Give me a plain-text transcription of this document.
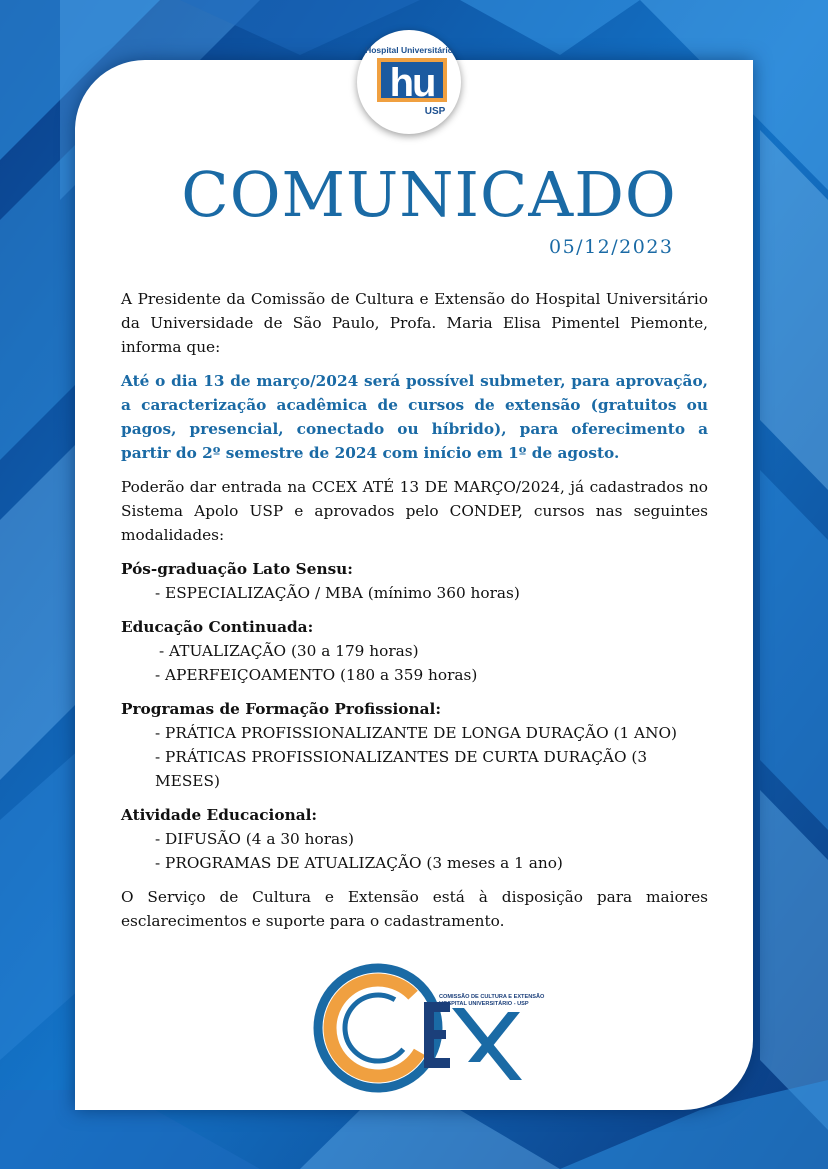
Hospital Universitário
hu
USP
COMUNICADO
05/12/2023

A Presidente da Comissão de Cultura e Extensão do Hospital Universitário da Universidade de São Paulo, Profa. Maria Elisa Pimentel Piemonte, informa que:

Até o dia 13 de março/2024 será possível submeter, para aprovação, a caracterização acadêmica de cursos de extensão (gratuitos ou pagos, presencial, conectado ou híbrido), para oferecimento a partir do 2º semestre de 2024 com início em 1º de agosto.

Poderão dar entrada na CCEX ATÉ 13 DE MARÇO/2024, já cadastrados no Sistema Apolo USP e aprovados pelo CONDEP, cursos nas seguintes modalidades:

Pós-graduação Lato Sensu:
- ESPECIALIZAÇÃO / MBA (mínimo 360 horas)
Educação Continuada:
- ATUALIZAÇÃO (30 a 179 horas)
- APERFEIÇOAMENTO (180 a 359 horas)
Programas de Formação Profissional:
- PRÁTICA PROFISSIONALIZANTE DE LONGA DURAÇÃO (1 ANO)
- PRÁTICAS PROFISSIONALIZANTES DE CURTA DURAÇÃO (3 MESES)
Atividade Educacional:
- DIFUSÃO (4 a 30 horas)
- PROGRAMAS DE ATUALIZAÇÃO (3 meses a 1 ano)

O Serviço de Cultura e Extensão está à disposição para maiores esclarecimentos e suporte para o cadastramento.

COMISSÃO DE CULTURA E EXTENSÃO
HOSPITAL UNIVERSITÁRIO - USP
